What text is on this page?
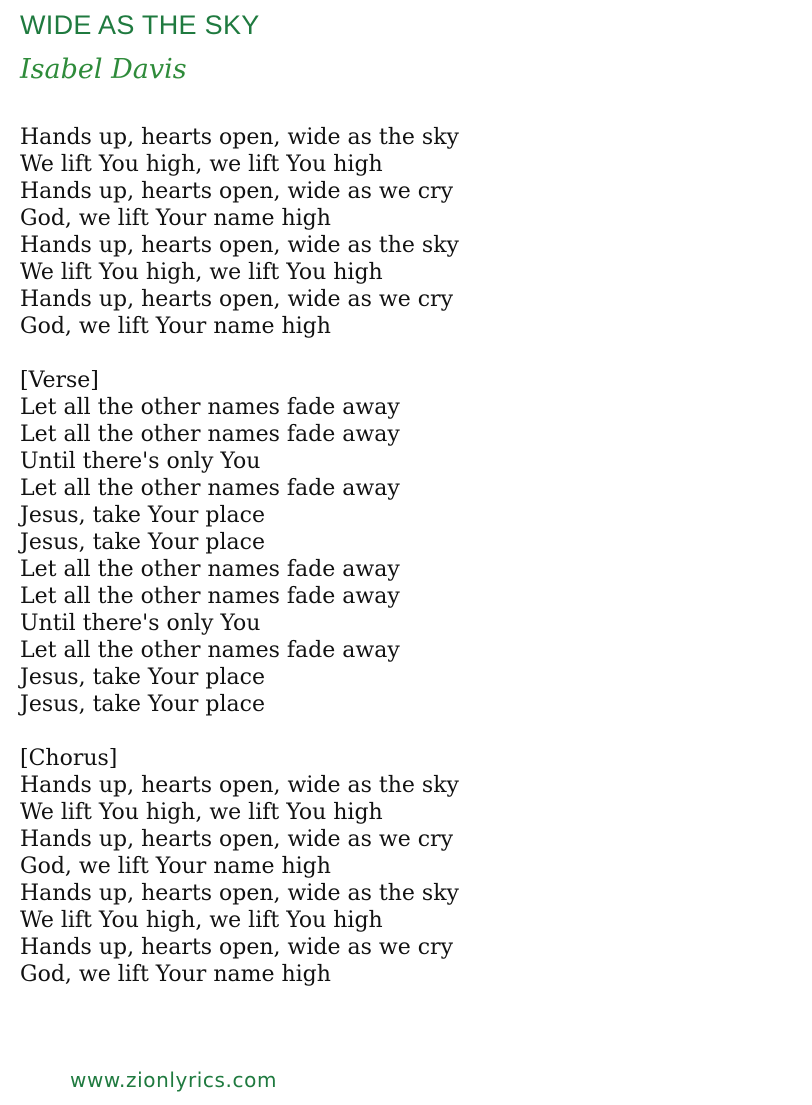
WIDE AS THE SKY
Isabel Davis
Hands up, hearts open, wide as the sky
We lift You high, we lift You high
Hands up, hearts open, wide as we cry
God, we lift Your name high
Hands up, hearts open, wide as the sky
We lift You high, we lift You high
Hands up, hearts open, wide as we cry
God, we lift Your name high
[Verse]
Let all the other names fade away
Let all the other names fade away
Until there's only You
Let all the other names fade away
Jesus, take Your place
Jesus, take Your place
Let all the other names fade away
Let all the other names fade away
Until there's only You
Let all the other names fade away
Jesus, take Your place
Jesus, take Your place
[Chorus]
Hands up, hearts open, wide as the sky
We lift You high, we lift You high
Hands up, hearts open, wide as we cry
God, we lift Your name high
Hands up, hearts open, wide as the sky
We lift You high, we lift You high
Hands up, hearts open, wide as we cry
God, we lift Your name high
www.zionlyrics.com
